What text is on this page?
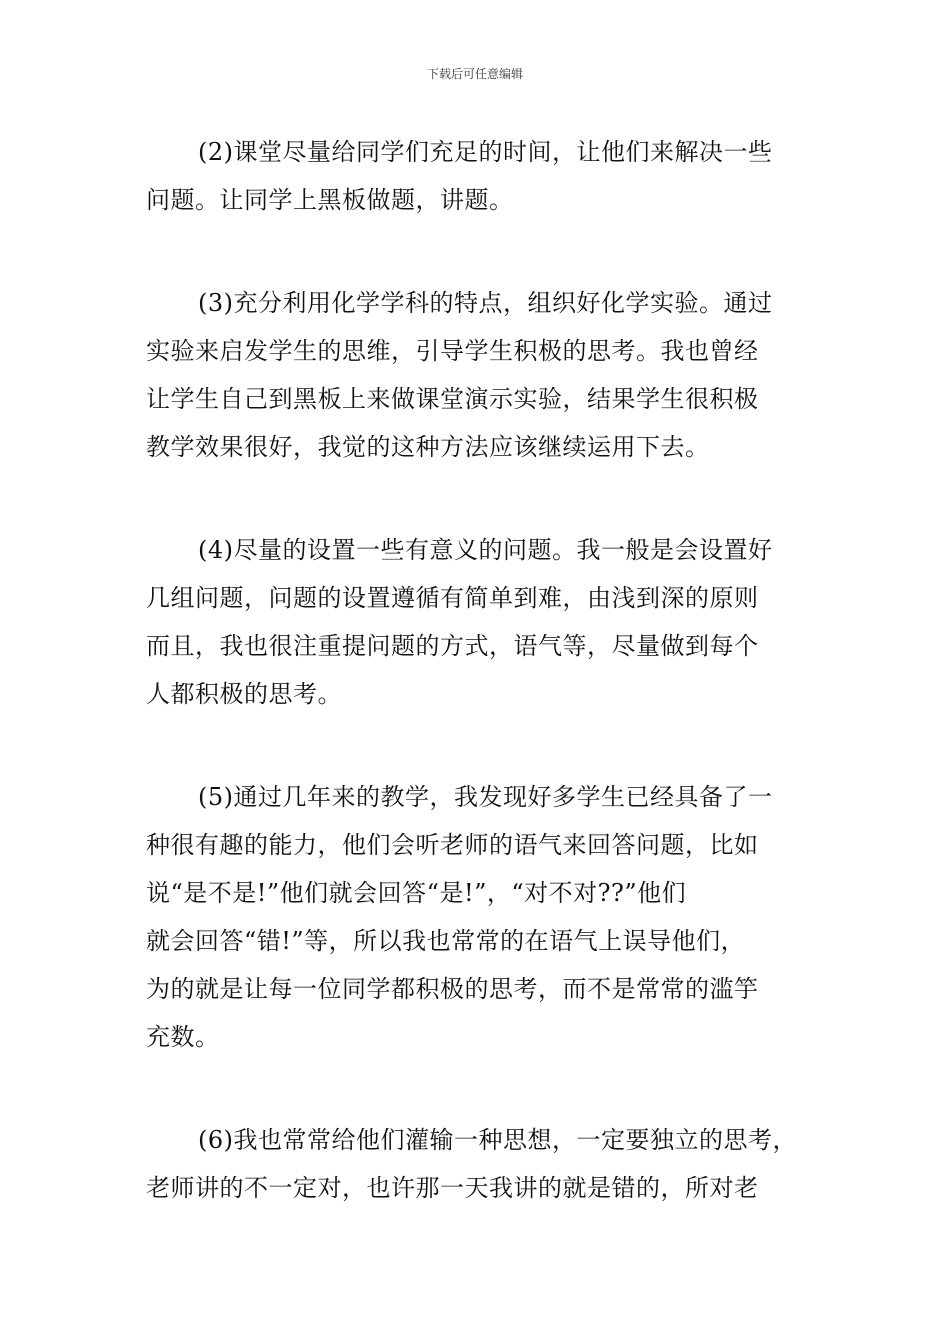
下载后可任意编辑

(2)课堂尽量给同学们充足的时间，让他们来解决一些
问题。让同学上黑板做题，讲题。

(3)充分利用化学学科的特点，组织好化学实验。通过
实验来启发学生的思维，引导学生积极的思考。我也曾经
让学生自己到黑板上来做课堂演示实验，结果学生很积极
教学效果很好，我觉的这种方法应该继续运用下去。

(4)尽量的设置一些有意义的问题。我一般是会设置好
几组问题，问题的设置遵循有简单到难，由浅到深的原则
而且，我也很注重提问题的方式，语气等，尽量做到每个
人都积极的思考。

(5)通过几年来的教学，我发现好多学生已经具备了一
种很有趣的能力，他们会听老师的语气来回答问题，比如
说“是不是!”他们就会回答“是!”，“对不对??”他们
就会回答“错!”等，所以我也常常的在语气上误导他们，
为的就是让每一位同学都积极的思考，而不是常常的滥竽
充数。

(6)我也常常给他们灌输一种思想，一定要独立的思考，
老师讲的不一定对，也许那一天我讲的就是错的，所对老
